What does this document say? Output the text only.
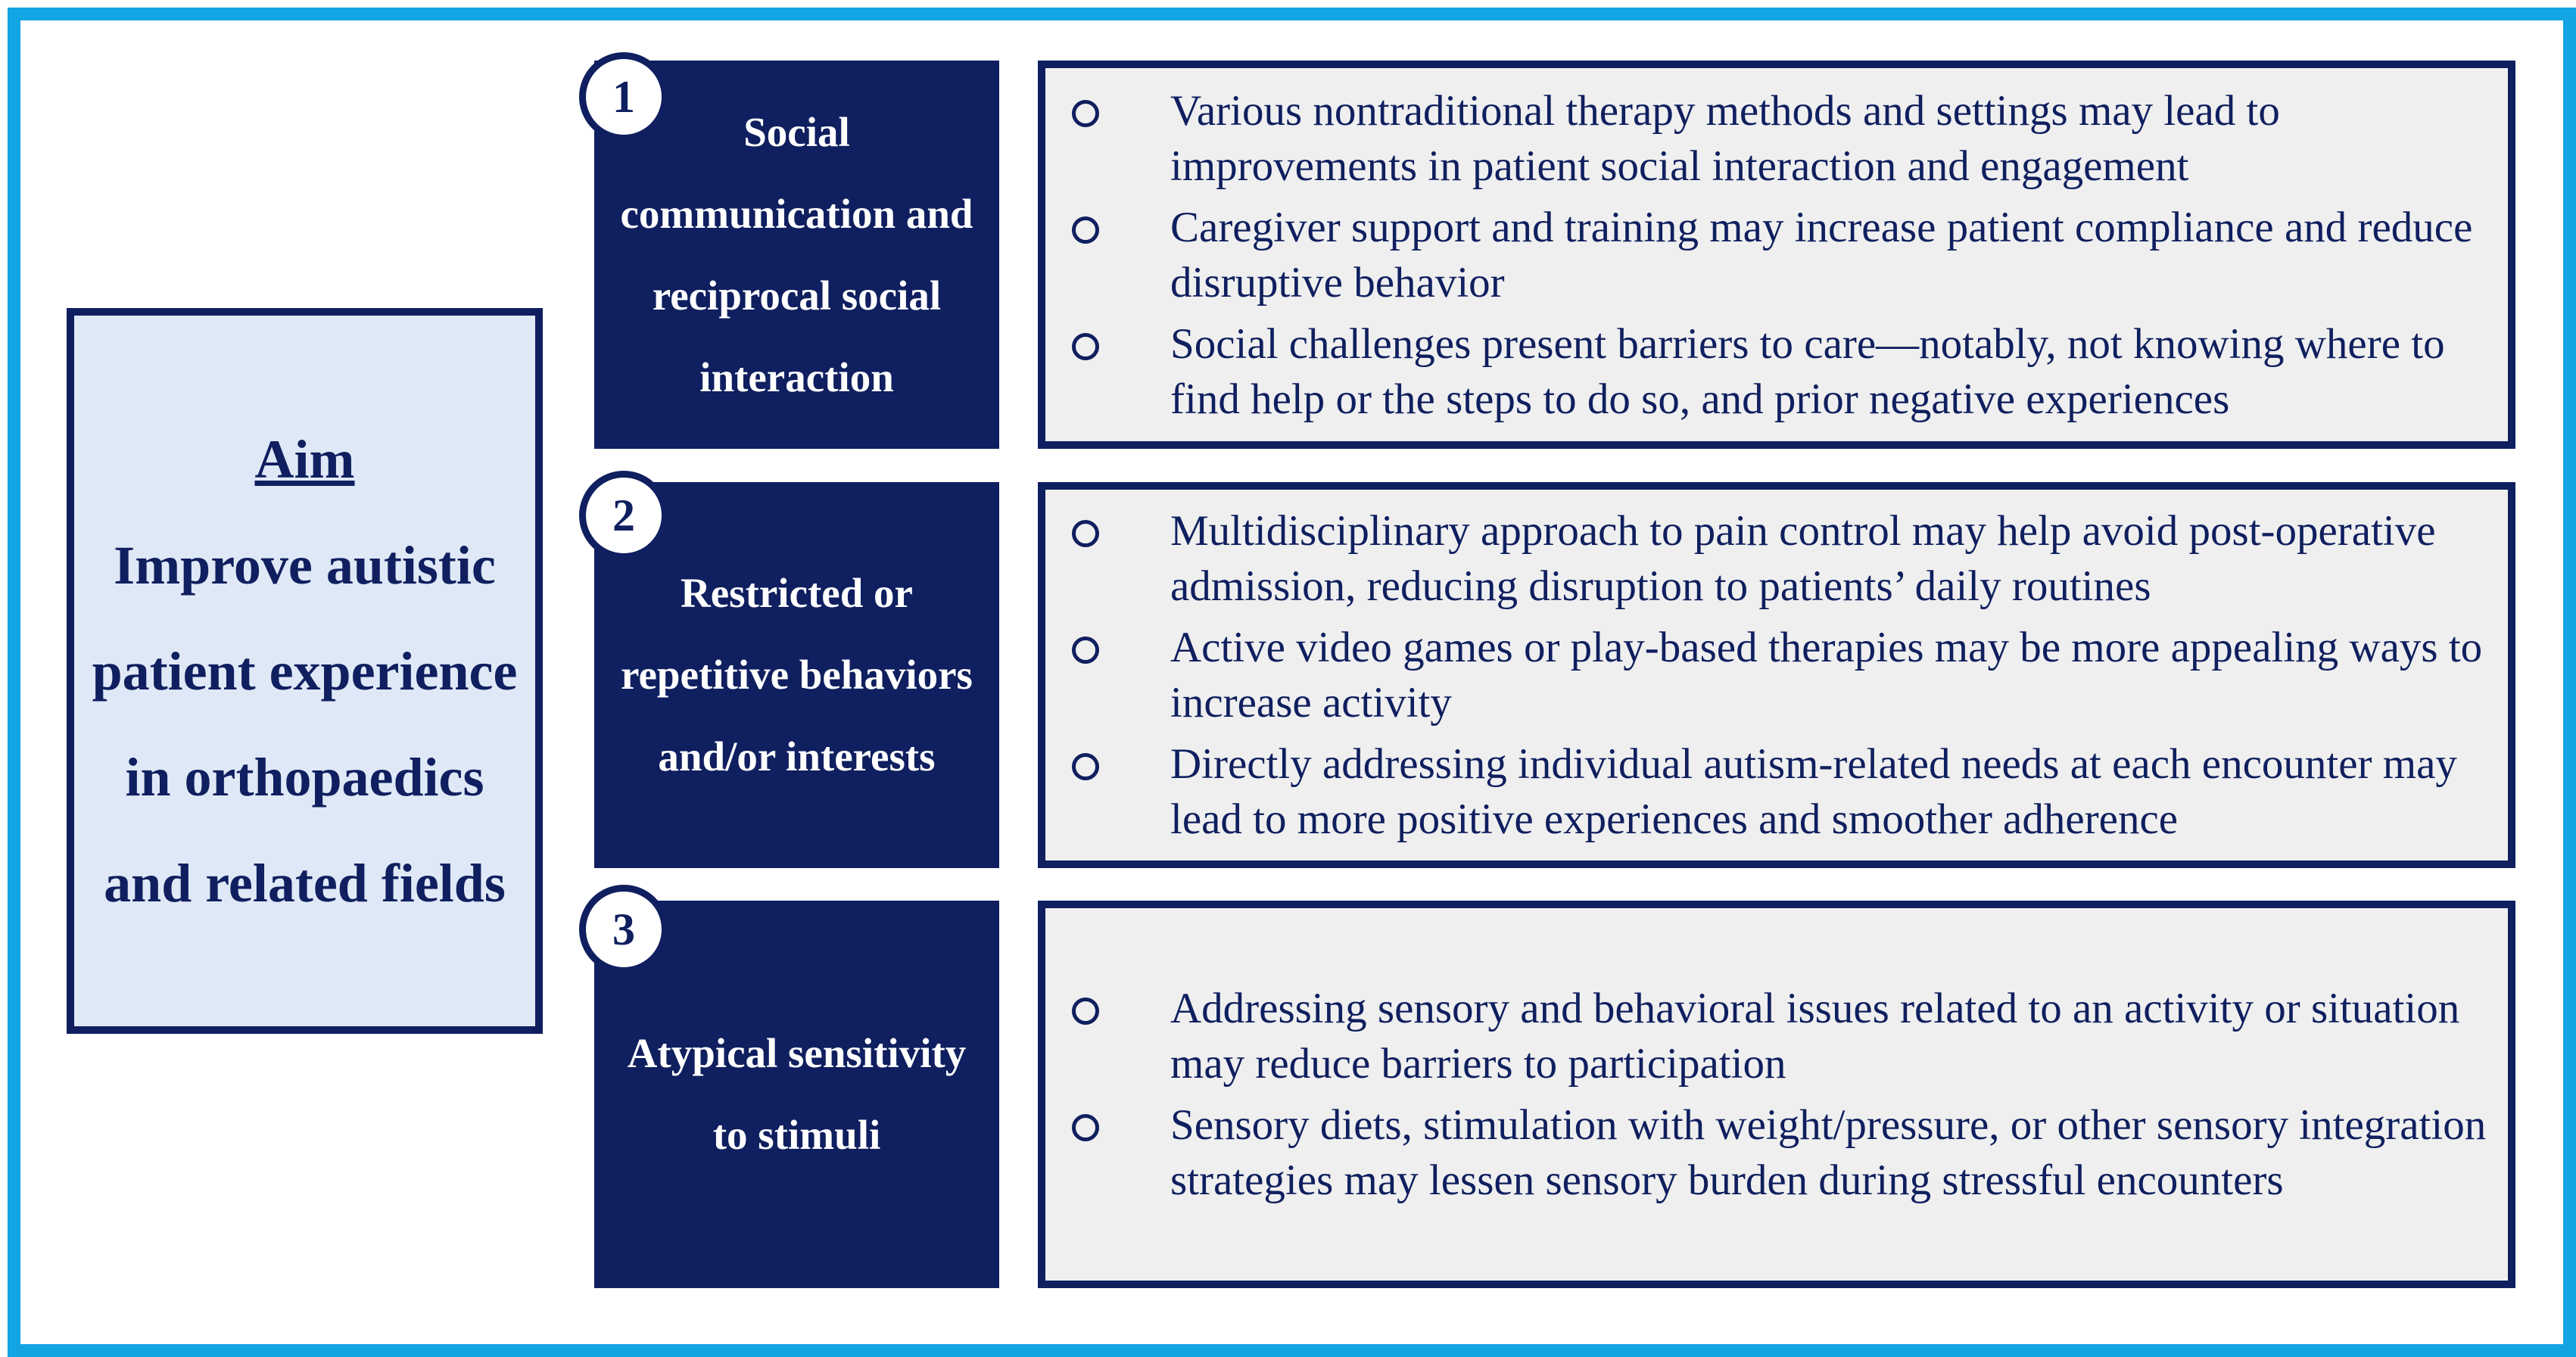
Aim
Improve autistic patient experience in orthopaedics and related fields
Social communication and reciprocal social interaction
1	Various nontraditional therapy methods and settings may lead to improvements in patient social interaction and engagement
Caregiver support and training may increase patient compliance and reduce disruptive behavior
Social challenges present barriers to care—notably, not knowing where to find help or the steps to do so, and prior negative experiences
Restricted or repetitive behaviors and/or interests
2	Multidisciplinary approach to pain control may help avoid post-operative admission, reducing disruption to patients’ daily routines
Active video games or play-based therapies may be more appealing ways to increase activity
Directly addressing individual autism-related needs at each encounter may lead to more positive experiences and smoother adherence
Atypical sensitivity to stimuli
3
Addressing sensory and behavioral issues related to an activity or situation may reduce barriers to participation
Sensory diets, stimulation with weight/pressure, or other sensory integration strategies may lessen sensory burden during stressful encounters
